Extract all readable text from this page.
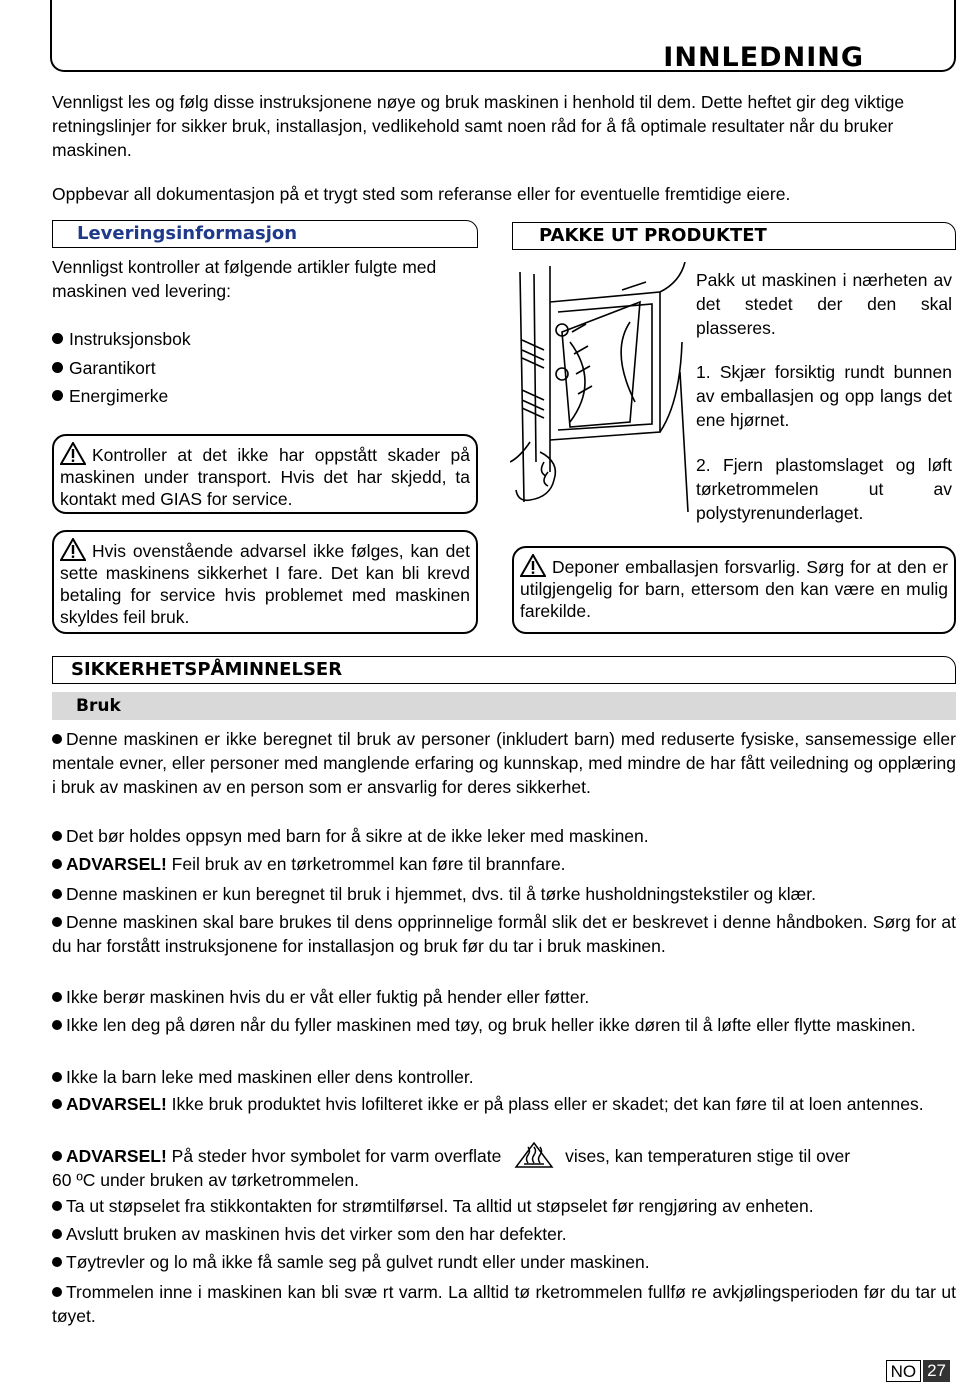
INNLEDNING
Vennligst les og følg disse instruksjonene nøye og bruk maskinen i henhold til dem. Dette heftet gir deg viktige retningslinjer for sikker bruk, installasjon, vedlikehold samt noen råd for å få optimale resultater når du bruker maskinen.
Oppbevar all dokumentasjon på et trygt sted som referanse eller for eventuelle fremtidige eiere.
Leveringsinformasjon
Vennligst kontroller at følgende artikler fulgte med maskinen ved levering:
Instruksjonsbok
Garantikort
Energimerke
Kontroller at det ikke har oppstått skader på maskinen under transport. Hvis det har skjedd, ta kontakt med GIAS for service.
Hvis ovenstående advarsel ikke følges, kan det sette maskinens sikkerhet I fare. Det kan bli krevd betaling for service hvis problemet med maskinen skyldes feil bruk.
PAKKE UT PRODUKTET
Pakk ut maskinen i nærheten av det stedet der den skal plasseres.
1. Skjær forsiktig rundt bunnen av emballasjen og opp langs det ene hjørnet.
2. Fjern plastomslaget og løft tørketrommelen ut av polystyrenunderlaget.
Deponer emballasjen forsvarlig. Sørg for at den er utilgjengelig for barn, ettersom den kan være en mulig farekilde.
SIKKERHETSPÅMINNELSER
Bruk
Denne maskinen er ikke beregnet til bruk av personer (inkludert barn) med reduserte fysiske, sansemessige eller mentale evner, eller personer med manglende erfaring og kunnskap, med mindre de har fått veiledning og opplæring i bruk av maskinen av en person som er ansvarlig for deres sikkerhet.
Det bør holdes oppsyn med barn for å sikre at de ikke leker med maskinen.
ADVARSEL! Feil bruk av en tørketrommel kan føre til brannfare.
Denne maskinen er kun beregnet til bruk i hjemmet, dvs. til å tørke husholdningstekstiler og klær.
Denne maskinen skal bare brukes til dens opprinnelige formål slik det er beskrevet i denne håndboken. Sørg for at du har forstått instruksjonene for installasjon og bruk før du tar i bruk maskinen.
Ikke berør maskinen hvis du er våt eller fuktig på hender eller føtter.
Ikke len deg på døren når du fyller maskinen med tøy, og bruk heller ikke døren til å løfte eller flytte maskinen.
Ikke la barn leke med maskinen eller dens kontroller.
ADVARSEL! Ikke bruk produktet hvis lofilteret ikke er på plass eller er skadet; det kan føre til at loen antennes.
ADVARSEL! På steder hvor symbolet for varm overflate	vises, kan temperaturen stige til over
60 ºC under bruken av tørketrommelen.
Ta ut støpselet fra stikkontakten for strømtilførsel. Ta alltid ut støpselet før rengjøring av enheten.
Avslutt bruken av maskinen hvis det virker som den har defekter.
Tøytrevler og lo må ikke få samle seg på gulvet rundt eller under maskinen.
Trommelen inne i maskinen kan bli svæ rt varm. La alltid tø rketrommelen fullfø re avkjølingsperioden før du tar ut tøyet.
NO 27
